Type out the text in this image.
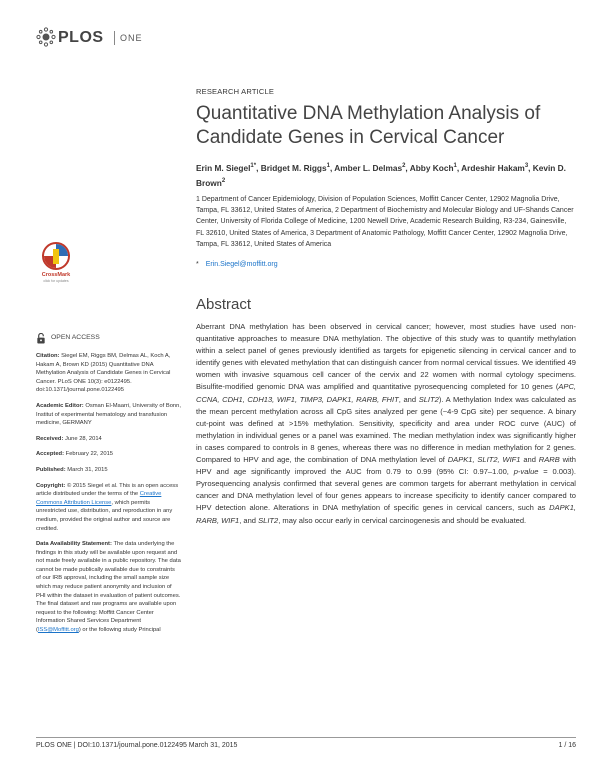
PLOS ONE
RESEARCH ARTICLE
Quantitative DNA Methylation Analysis of Candidate Genes in Cervical Cancer
Erin M. Siegel$^{1*}$, Bridget M. Riggs$^1$, Amber L. Delmas$^2$, Abby Koch$^1$, Ardeshir Hakam$^3$, Kevin D. Brown$^2$
1 Department of Cancer Epidemiology, Division of Population Sciences, Moffitt Cancer Center, 12902 Magnolia Drive, Tampa, FL 33612, United States of America, 2 Department of Biochemistry and Molecular Biology and UF-Shands Cancer Center, University of Florida College of Medicine, 1200 Newell Drive, Academic Research Building, R3-234, Gainesville, FL 32610, United States of America, 3 Department of Anatomic Pathology, Moffitt Cancer Center, 12902 Magnolia Drive, Tampa, FL 33612, United States of America
* Erin.Siegel@moffitt.org
CrossMark
click for updates
Abstract
Aberrant DNA methylation has been observed in cervical cancer; however, most studies have used non-quantitative approaches to measure DNA methylation. The objective of this study was to quantify methylation within a select panel of genes previously identified as targets for epigenetic silencing in cervical cancer and to identify genes with elevated methylation that can distinguish cancer from normal cervical tissues. We identified 49 women with invasive squamous cell cancer of the cervix and 22 women with normal cytology specimens. Bisulfite-modified genomic DNA was amplified and quantitative pyrosequencing completed for 10 genes (APC, CCNA, CDH1, CDH13, WIF1, TIMP3, DAPK1, RARB, FHIT, and SLIT2). A Methylation Index was calculated as the mean percent methylation across all CpG sites analyzed per gene (~4-9 CpG site) per sequence. A binary cut-point was defined at >15% methylation. Sensitivity, specificity and area under ROC curve (AUC) of methylation in individual genes or a panel was examined. The median methylation index was significantly higher in cases compared to controls in 8 genes, whereas there was no difference in median methylation for 2 genes. Compared to HPV and age, the combination of DNA methylation level of DAPK1, SLIT2, WIF1 and RARB with HPV and age significantly improved the AUC from 0.79 to 0.99 (95% CI: 0.97–1.00, p-value = 0.003). Pyrosequencing analysis confirmed that several genes are common targets for aberrant methylation in cervical cancer and DNA methylation level of four genes appears to increase specificity to identify cancer compared to HPV detection alone. Alterations in DNA methylation of specific genes in cervical cancers, such as DAPK1, RARB, WIF1, and SLIT2, may also occur early in cervical carcinogenesis and should be evaluated.
OPEN ACCESS

Citation: Siegel EM, Riggs BM, Delmas AL, Koch A, Hakam A, Brown KD (2015) Quantitative DNA Methylation Analysis of Candidate Genes in Cervical Cancer. PLoS ONE 10(3): e0122495. doi:10.1371/journal.pone.0122495

Academic Editor: Osman El-Maarri, University of Bonn, Institut of experimental hematology and transfusion medicine, GERMANY

Received: June 28, 2014

Accepted: February 22, 2015

Published: March 31, 2015

Copyright: © 2015 Siegel et al. This is an open access article distributed under the terms of the Creative Commons Attribution License, which permits unrestricted use, distribution, and reproduction in any medium, provided the original author and source are credited.

Data Availability Statement: The data underlying the findings in this study will be available upon request and not made freely available in a public repository. The data cannot be made publically available due to constraints of our IRB approval, including the small sample size which may reduce patient anonymity and inclusion of PHI within the dataset in evaluation of patient outcomes. The final dataset and raw programs are available upon request to the following: Moffitt Cancer Center Information Shared Services Department (ISS@Moffitt.org) or the following study Principal

PLOS ONE | DOI:10.1371/journal.pone.0122495 March 31, 2015	1 / 16
